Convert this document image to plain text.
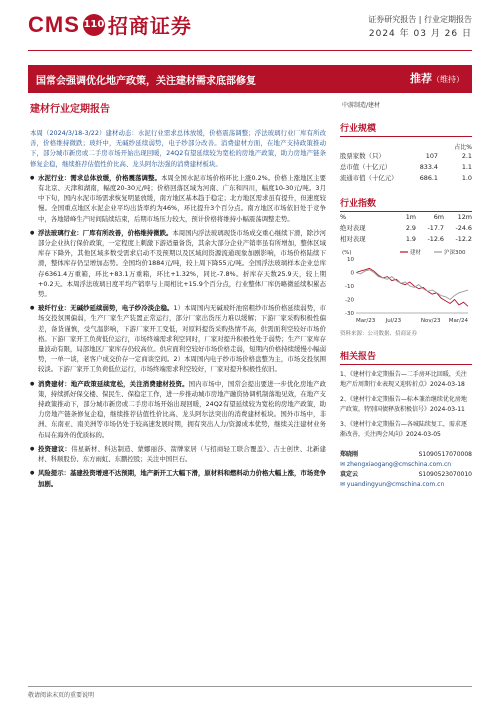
CMS 110 招商证券	证券研究报告 | 行业定期报告
2024 年 03 月 26 日
国常会强调优化地产政策，关注建材需求底部修复	推荐（维持）
建材行业定期报告

本周（2024/3/18-3/22）建材动态：水泥行业需求总体放缓，价格震荡调整；浮法玻璃行业厂库有所改善，价格维持微跌；玻纤中，无碱纱延续弱势，电子纱部分改善。消费建材方面，在地产支持政策推动下，部分城市新房或二手房市场开始出现回暖，24Q2有望延续较为宽松的房地产政策，助力房地产链条修复企稳，继续推荐估值性价比高、龙头阿尔法强的消费建材板块。

● 水泥行业：需求总体放缓，价格震荡调整。本周全国水泥市场价格环比上涨0.2%。价格上涨地区主要有北京、天津和湖南，幅度20-30元/吨；价格回落区域为河南、广东和四川，幅度10-30元/吨。3月中下旬，国内水泥市场需求恢复明显放缓，南方地区基本趋于稳定；北方地区需求虽有提升，但速度较慢。全国重点地区水泥企业平均出货率约为46%，环比提升3个百分点。南方地区市场依旧处于竞争中，各地错峰生产时间陆续结束，后期市场压力较大，预计价格将维持小幅震荡调整走势。

● 浮法玻璃行业：厂库有所改善，价格维持微跌。本周国内浮法玻璃现货市场成交重心继续下滑，除沙河部分企业执行保价政策，一定程度上刺激下游适量备货，其余大部分企业产销率虽有所增加，整体区域库存下降外，其他区域多数受需求启动不及预期以及区域间资源流通现象加剧影响，市场价格陆续下滑，整体库存仍呈增加态势。全国均价1884元/吨，较上周下降55元/吨。全国浮法玻璃样本企业总库存6361.4万重箱，环比+83.1万重箱，环比+1.32%，同比-7.8%。折库存天数25.9天，较上期+0.2天。本周浮法玻璃日度平均产销率与上周相比+15.9个百分点，行业整体厂库仍略微延续积累态势。

● 玻纤行业：无碱纱延续弱势，电子纱冷淡企稳。1）本周国内无碱玻纤池窑粗纱市场价格延续弱势，市场交投氛围偏弱，生产厂家生产装置正常运行，部分厂家出货压力难以缓解；下游厂家采购积极性偏差，备货谨慎，受气温影响，下游厂家开工变低，对原料提货采购热情不高，供需面利空较好市场价格。下游厂家开工负荷低位运行，市场终端需求利空同时，厂家对提升积极性处于弱势；生产厂家库存量波动有限，局部地区厂家库存仍较高位。供应面利空较好市场价格走弱，短期内价格持续缓慢小幅弱势，一单一谈，老客户成交价存一定商谈空间。2）本周国内电子纱市场价格盘整为主，市场交投氛围较淡。下游厂家开工负荷低位运行，市场终端需求利空较好，厂家对提升积极性依旧。

● 消费建材：地产政策延续宽松，关注消费建材投资。国内市场中，国常会提出要进一步优化房地产政策，持续抓好保交楼、保民生、保稳定工作，进一步推动城市房地产融资协调机制落地见效，在地产支持政策推动下，部分城市新房或二手房市场开始出现回暖，24Q2有望延续较为宽松的房地产政策，助力房地产链条修复企稳，继续推荐估值性价比高、龙头阿尔法突出的消费建材板块。国外市场中，非洲、东南亚、南美洲等市场仍处于较高速发展时期，拥有突出人力/资源成本优势，继续关注建材业务布局在海外的优质标的。

● 投资建议：伟星新材、科达制造、蒙娜丽莎、箭牌家居（与招商轻工联合覆盖）、吉士创世、北新建材、科顺股份、东方雨虹、东鹏控股；关注中国巨石。

● 风险提示：基建投资增速不达预期，地产新开工大幅下滑，原材料和燃料动力价格大幅上涨，市场竞争加剧。

中游制造/建材
行业规模
占比%
股票家数（只）	107	2.1
总市值（十亿元）	833.4	1.1
流通市值（十亿元）	686.1	1.0
行业指数
%	1m	6m	12m
绝对表现	2.9	-17.7	-24.6
相对表现	1.9	-12.6	-12.2
(%)
10
0
-10
-20
-30
Mar/23 Jul/23	Nov/23 Mar/24
建材	沪深300
资料来源：公司数据、招商证券
相关报告
1、《建材行业定期报告—二手房环比回暖，关注地产后周期行业表现又迎转折点》2024-03-18
2、《建材行业定期报告—标本兼治继续优化房地产政策，特别国债释放积极信号》2024-03-11
3、《建材行业定期报告—各城陆续复工，需求逐渐改善，关注两会风向》2024-03-05
郑晓刚	S1090517070008
✉ zhengxiaogang@cmschina.com.cn
袁定云	S1090523070010
✉ yuandingyun@cmschina.com.cn
敬请阅读末页的重要说明
